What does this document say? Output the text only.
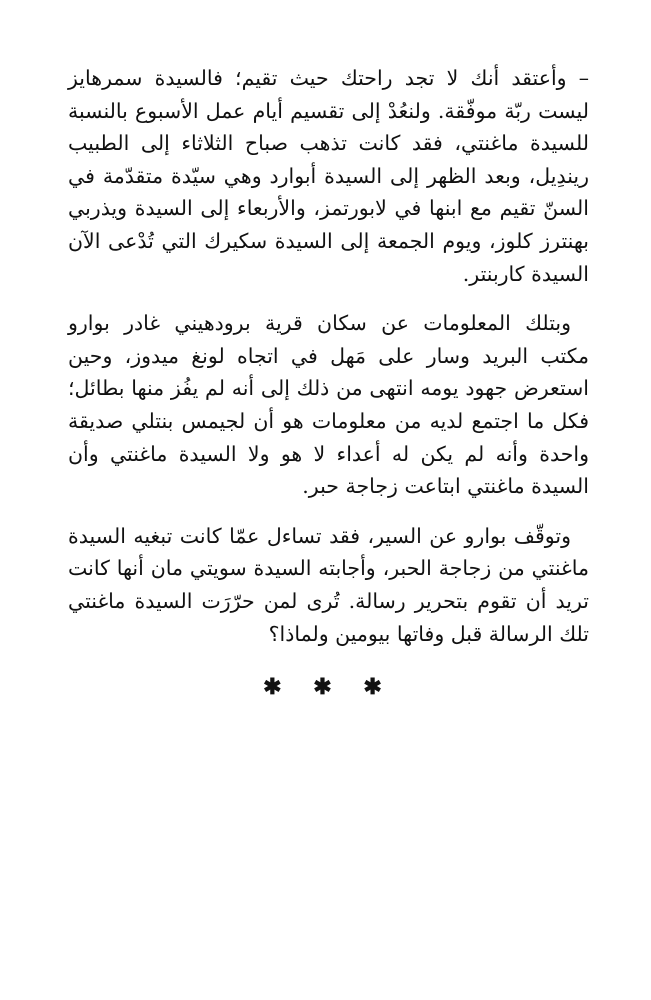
– وأعتقد أنك لا تجد راحتك حيث تقيم؛ فالسيدة سمرهايز ليست ربّة موفّقة. ولنعُدْ إلى تقسيم أيام عمل الأسبوع بالنسبة للسيدة ماغنتي، فقد كانت تذهب صباح الثلاثاء إلى الطبيب ريندِيل، وبعد الظهر إلى السيدة أبوارد وهي سيّدة متقدّمة في السنّ تقيم مع ابنها في لابورتمز، والأربعاء إلى السيدة ويذربي بهنترز كلوز، ويوم الجمعة إلى السيدة سكيرك التي تُدْعى الآن السيدة كاربنتر.

وبتلك المعلومات عن سكان قرية برودهيني غادر بوارو مكتب البريد وسار على مَهل في اتجاه لونغ ميدوز، وحين استعرض جهود يومه انتهى من ذلك إلى أنه لم يفُز منها بطائل؛ فكل ما اجتمع لديه من معلومات هو أن لجيمس بنتلي صديقة واحدة وأنه لم يكن له أعداء لا هو ولا السيدة ماغنتي وأن السيدة ماغنتي ابتاعت زجاجة حبر.

وتوقّف بوارو عن السير، فقد تساءل عمّا كانت تبغيه السيدة ماغنتي من زجاجة الحبر، وأجابته السيدة سويتي مان أنها كانت تريد أن تقوم بتحرير رسالة. تُرى لمن حرّرَت السيدة ماغنتي تلك الرسالة قبل وفاتها بيومين ولماذا؟

✱ ✱ ✱
